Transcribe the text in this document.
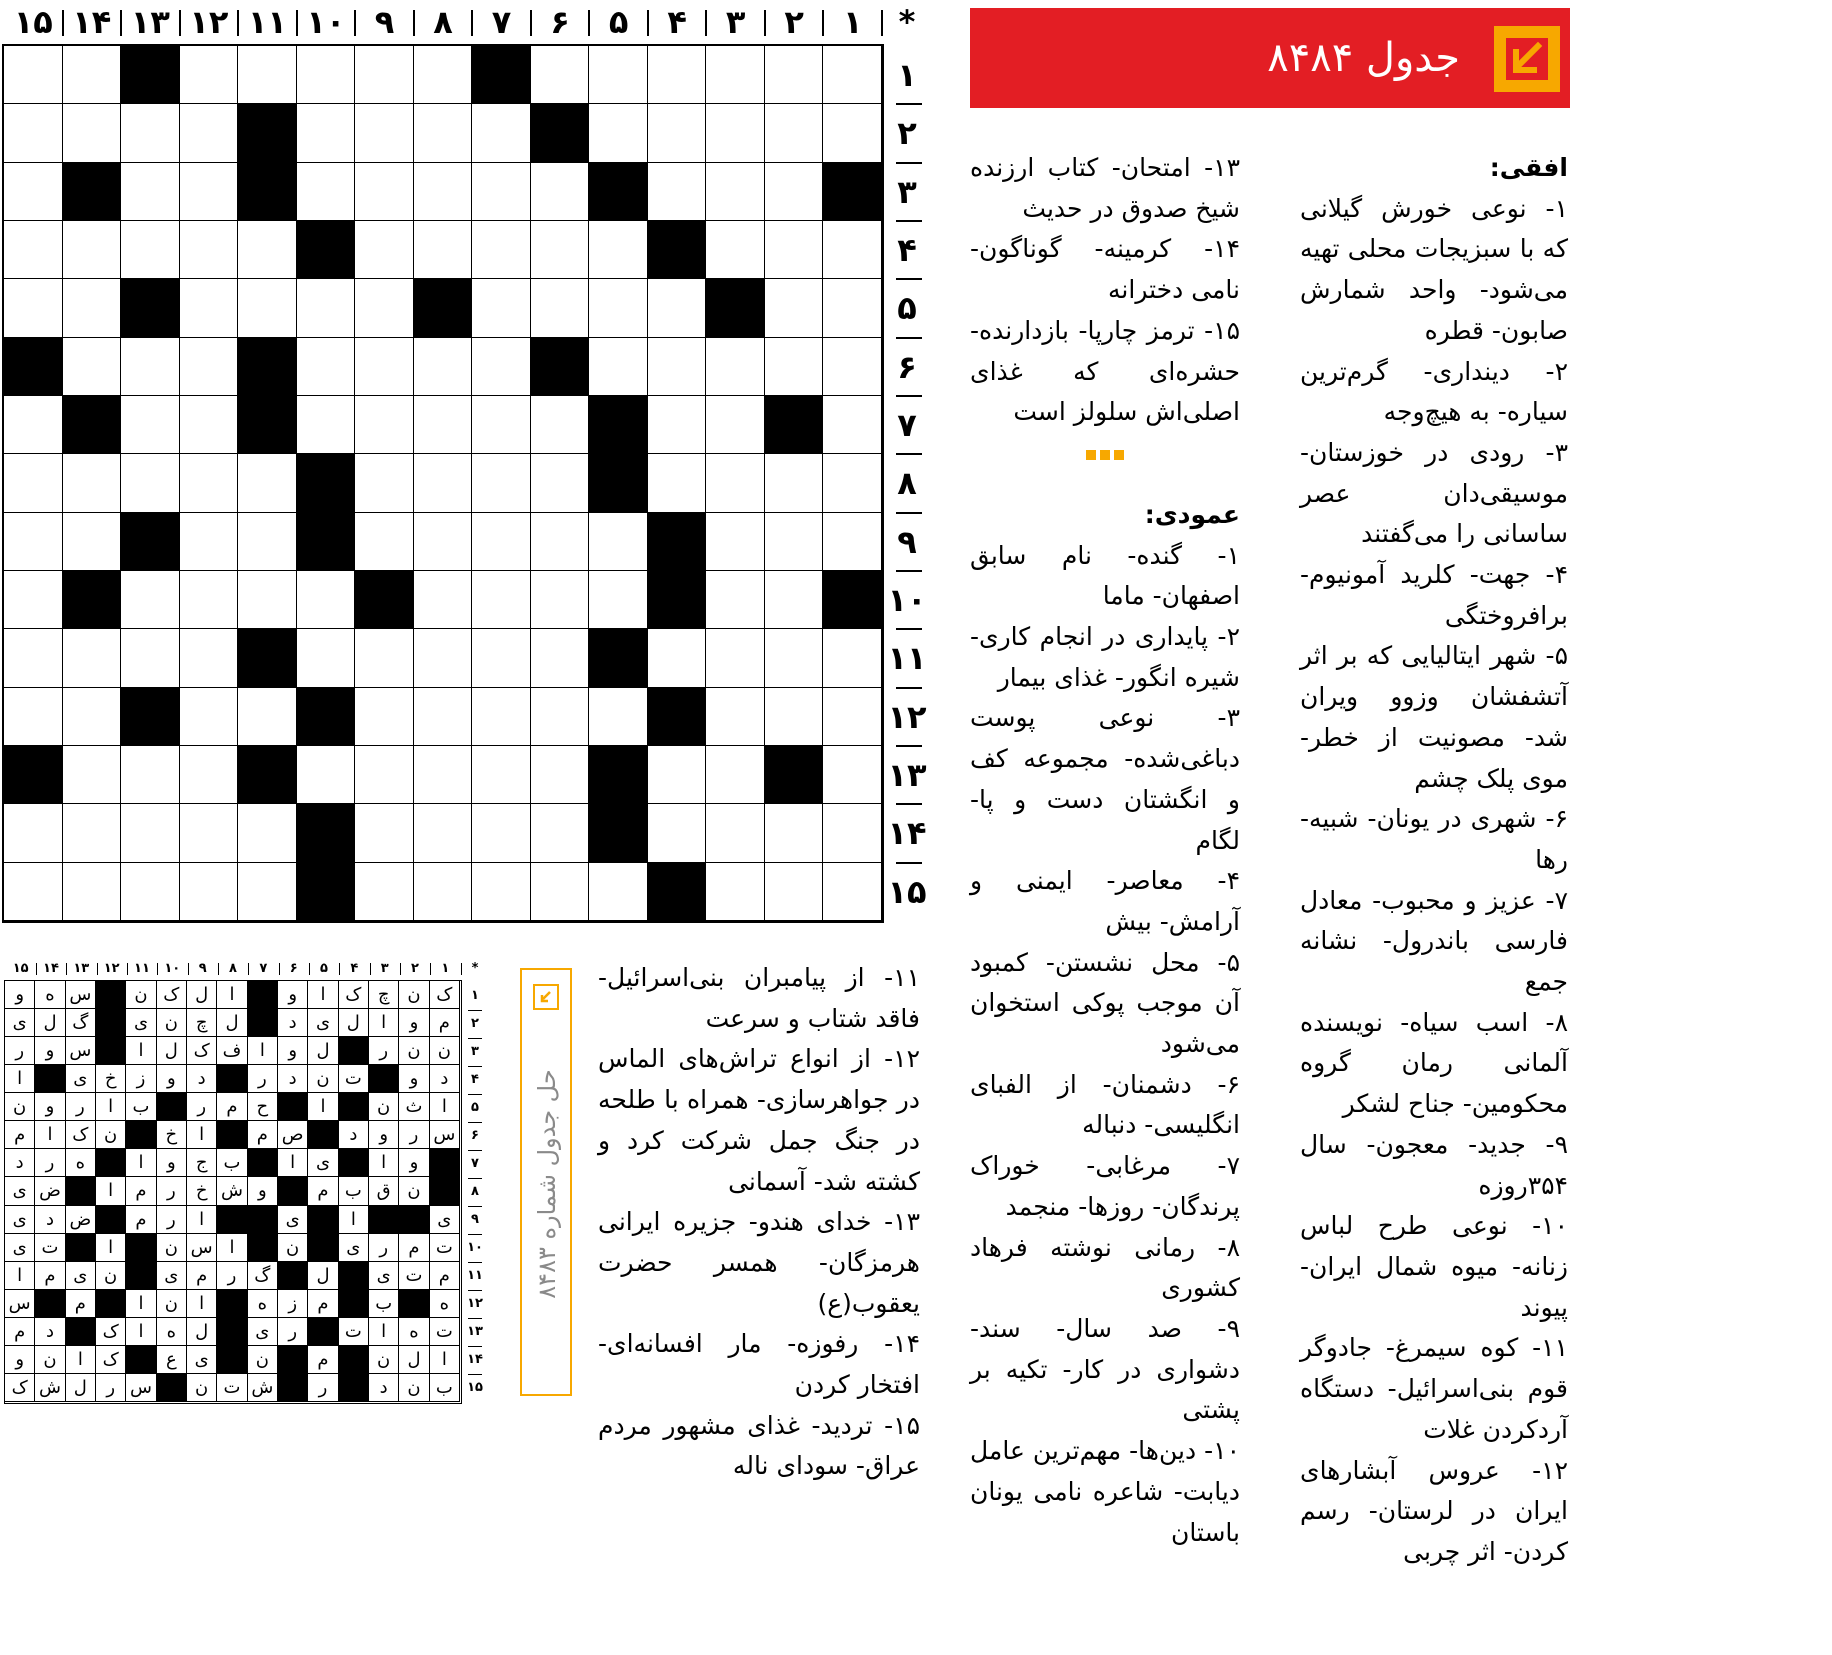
*
۱
۲
۳
۴
۵
۶
۷
۸
۹
۱۰
۱۱
۱۲
۱۳
۱۴
۱۵
۱
۲
۳
۴
۵
۶
۷
۸
۹
۱۰
۱۱
۱۲
۱۳
۱۴
۱۵
جدول ۸۴۸۴

افقی:

۱- نوعی خورش گیلانی که با سبزیجات محلی تهیه می‌شود- واحد شمارش صابون- قطره

۲- دینداری- گرم‌ترین سیاره- به هیچ‌وجه

۳- رودی در خوزستان- موسیقی‌دان عصر ساسانی را می‌گفتند

۴- جهت- کلرید آمونیوم- برافروختگی

۵- شهر ایتالیایی که بر اثر آتشفشان وزوو ویران شد- مصونیت از خطر- موی پلک چشم

۶- شهری در یونان- شبیه- رها

۷- عزیز و محبوب- معادل فارسی باندرول- نشانه جمع

۸- اسب سیاه- نویسنده آلمانی رمان گروه محکومین- جناح لشکر

۹- جدید- معجون- سال ۳۵۴روزه

۱۰- نوعی طرح لباس زنانه- میوه شمال ایران- پیوند

۱۱- کوه سیمرغ- جادوگر قوم بنی‌اسرائیل- دستگاه آرد‌کردن غلات

۱۲- عروس آبشارهای ایران در لرستان- رسم کردن- اثر چربی

۱۳- امتحان- کتاب ارزنده شیخ صدوق در حدیث

۱۴- کرمینه- گوناگون- نامی دخترانه

۱۵- ترمز چارپا- بازدارنده- حشره‌ای که غذای اصلی‌اش سلولز است

عمودی:

۱- گنده- نام سابق اصفهان- ماما

۲- پایداری در انجام کاری- شیره انگور- غذای بیمار

۳- نوعی پوست دباغی‌شده- مجموعه کف و انگشتان دست و پا- لگام

۴- معاصر- ایمنی و آرامش- بیش

۵- محل نشستن- کمبود آن موجب پوکی استخوان می‌شود

۶- دشمنان- از الفبای انگلیسی- دنباله

۷- مرغابی- خوراک پرندگان- روزها- منجمد

۸- رمانی نوشته فرهاد کشوری

۹- صد سال- سند- دشواری در کار- تکیه بر پشتی

۱۰- دین‌ها- مهم‌ترین عامل دیابت- شاعره نامی یونان باستان

۱۱- از پیامبران بنی‌اسرائیل- فاقد شتاب و سرعت

۱۲- از انواع تراش‌های الماس در جواهرسازی- همراه با طلحه در جنگ جمل شرکت کرد و کشته شد- آسمانی

۱۳- خدای هندو- جزیره ایرانی هرمزگان- همسر حضرت یعقوب(ع)

۱۴- رفوزه- مار افسانه‌ای- افتخار کردن

۱۵- تردید- غذای مشهور مردم عراق- سودای ناله

حل جدول شماره ۸۴۸۳
*
۱
۲
۳
۴
۵
۶
۷
۸
۹
۱۰
۱۱
۱۲
۱۳
۱۴
۱۵
ک
ن
چ
ک
ا
و
ا
ل
ک
ن
س
ه
و
م
و
ا
ل
ی
د
ل
چ
ن
ی
گ
ل
ی
ن
ن
ر
ل
و
ا
ف
ک
ل
ا
س
و
ر
د
و
ت
ن
د
ر
د
و
ز
خ
ی
ا
ا
ث
ن
ا
ح
م
ر
ب
ا
ر
و
ن
س
ر
و
د
ص
م
ا
خ
ن
ک
ا
م
و
ا
ی
ا
ب
ج
و
ا
ه
ر
د
ن
ق
ب
م
و
ش
خ
ر
م
ا
ض
ی
ی
ا
ی
ا
ر
م
ض
د
ی
ت
م
ر
ی
ن
ا
س
ن
ا
ت
ی
م
ت
ی
ل
گ
ر
م
ی
ن
ی
م
ا
ه
ب
م
ز
ه
ا
ن
ا
م
س
ت
ه
ا
ت
ر
ی
ل
ه
ا
ک
د
م
ا
ل
ن
م
ن
ی
ع
ک
ا
ن
و
ب
ن
د
ر
ش
ت
ن
س
ر
ل
ش
ک
۱
۲
۳
۴
۵
۶
۷
۸
۹
۱۰
۱۱
۱۲
۱۳
۱۴
۱۵
